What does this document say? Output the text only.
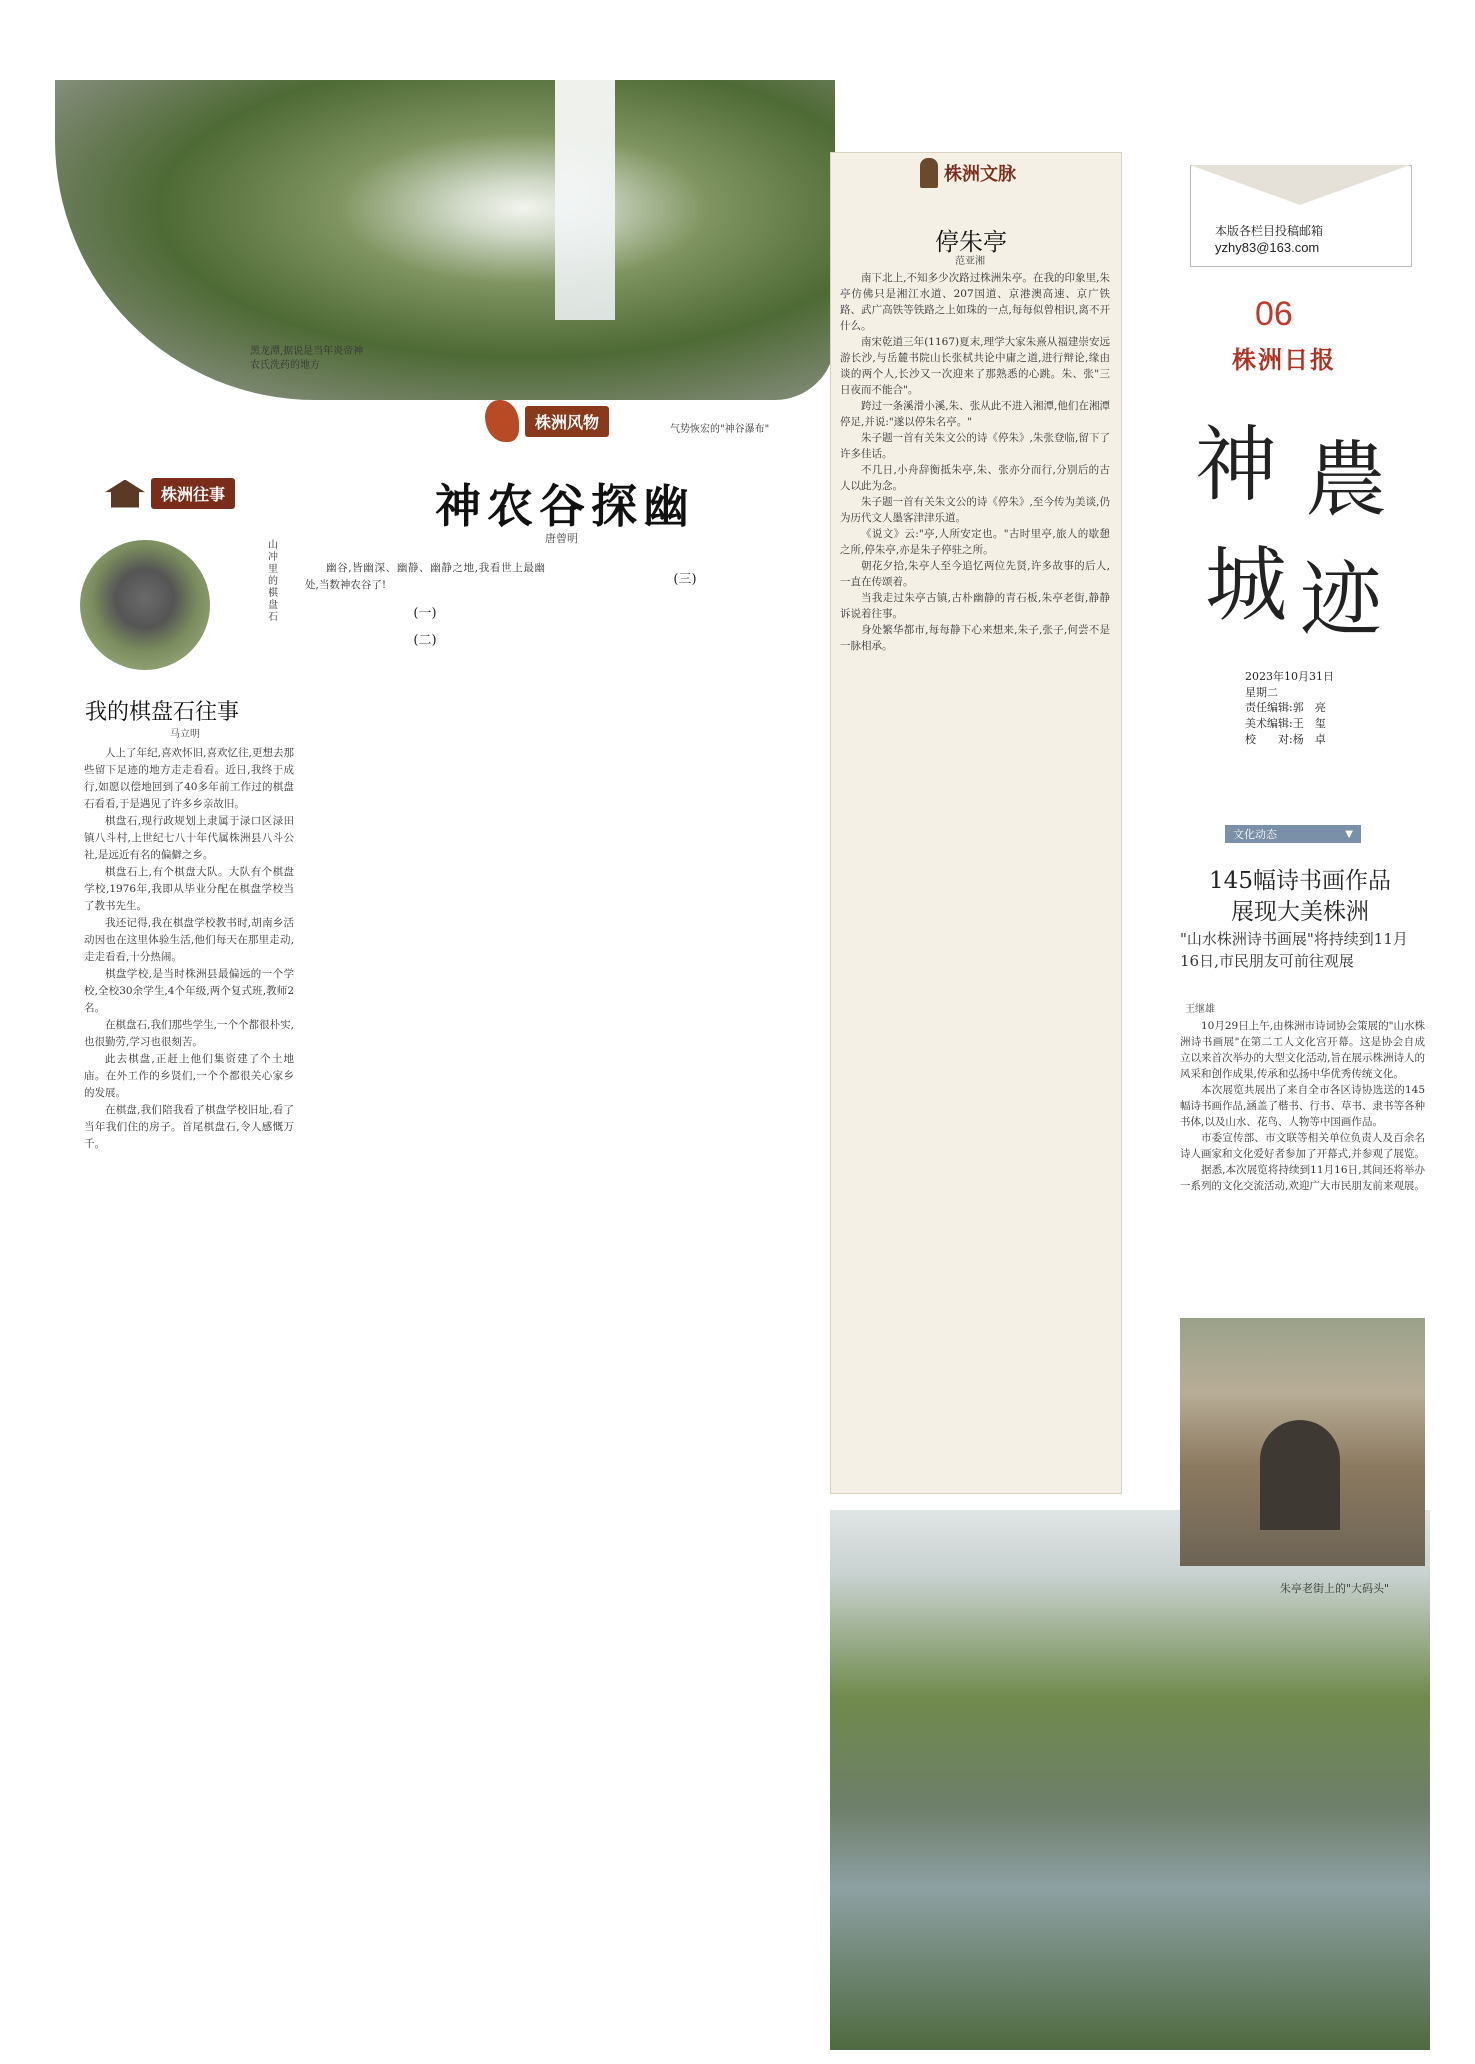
黑龙潭,据说是当年炎帝神农氏洗药的地方
气势恢宏的"神谷瀑布"
株洲风物
神农谷探幽
唐曾明
株洲往事
山冲里的棋盘石
我的棋盘石往事
马立明

人上了年纪,喜欢怀旧,喜欢忆往,更想去那些留下足迹的地方走走看看。近日,我终于成行,如愿以偿地回到了40多年前工作过的棋盘石看看,于是遇见了许多乡亲故旧。

棋盘石,现行政规划上隶属于渌口区渌田镇八斗村,上世纪七八十年代属株洲县八斗公社,是远近有名的偏僻之乡。

棋盘石上,有个棋盘大队。大队有个棋盘学校,1976年,我即从毕业分配在棋盘学校当了教书先生。

我还记得,我在棋盘学校教书时,胡南乡活动因也在这里体验生活,他们每天在那里走动,走走看看,十分热闹。

棋盘学校,是当时株洲县最偏远的一个学校,全校30余学生,4个年级,两个复式班,教师2名。

在棋盘石,我们那些学生,一个个都很朴实,也很勤劳,学习也很刻苦。

此去棋盘,正赶上他们集资建了个土地庙。在外工作的乡贤们,一个个都很关心家乡的发展。

在棋盘,我们陪我看了棋盘学校旧址,看了当年我们住的房子。首尾棋盘石,令人感慨万千。

幽谷,皆幽深、幽静、幽静之地,我看世上最幽处,当数神农谷了!

(一)
(二)
(三)
株洲文脉
停朱亭
范亚湘

南下北上,不知多少次路过株洲朱亭。在我的印象里,朱亭仿佛只是湘江水道、207国道、京港澳高速、京广铁路、武广高铁等铁路之上如珠的一点,每每似曾相识,离不开什么。

南宋乾道三年(1167)夏末,理学大家朱熹从福建崇安远游长沙,与岳麓书院山长张栻共论中庸之道,进行辩论,缘由谈的两个人,长沙又一次迎来了那熟悉的心跳。朱、张"三日夜而不能合"。

跨过一条溪滑小溪,朱、张从此不进入湘潭,他们在湘潭停足,并说:"遂以停朱名亭。"

朱子题一首有关朱文公的诗《停朱》,朱张登临,留下了许多佳话。

不几日,小舟辞衡抵朱亭,朱、张亦分而行,分别后的古人以此为念。

朱子题一首有关朱文公的诗《停朱》,至今传为美谈,仍为历代文人墨客津津乐道。

《说文》云:"亭,人所安定也。"古时里亭,旅人的歇憩之所,停朱亭,亦是朱子停驻之所。

朝花夕拾,朱亭人至今追忆两位先贤,许多故事的后人,一直在传颂着。

当我走过朱亭古镇,古朴幽静的青石板,朱亭老街,静静诉说着往事。

身处繁华都市,每每静下心来想来,朱子,张子,何尝不是一脉相承。

本版各栏目投稿邮箱
yzhy83@163.com
06
株洲日报
神 農
城 迹
2023年10月31日
星期二
责任编辑:郭　亮
美术编辑:王　玺
校　　对:杨　卓
文化动态	▼
145幅诗书画作品
展现大美株洲
"山水株洲诗书画展"将持续到11月16日,市民朋友可前往观展
王继雄

10月29日上午,由株洲市诗词协会策展的"山水株洲诗书画展"在第二工人文化宫开幕。这是协会自成立以来首次举办的大型文化活动,旨在展示株洲诗人的风采和创作成果,传承和弘扬中华优秀传统文化。

本次展览共展出了来自全市各区诗协选送的145幅诗书画作品,涵盖了楷书、行书、草书、隶书等各种书体,以及山水、花鸟、人物等中国画作品。

市委宣传部、市文联等相关单位负责人及百余名诗人画家和文化爱好者参加了开幕式,并参观了展览。

据悉,本次展览将持续到11月16日,其间还将举办一系列的文化交流活动,欢迎广大市民朋友前来观展。

朱亭老街上的"大码头"
